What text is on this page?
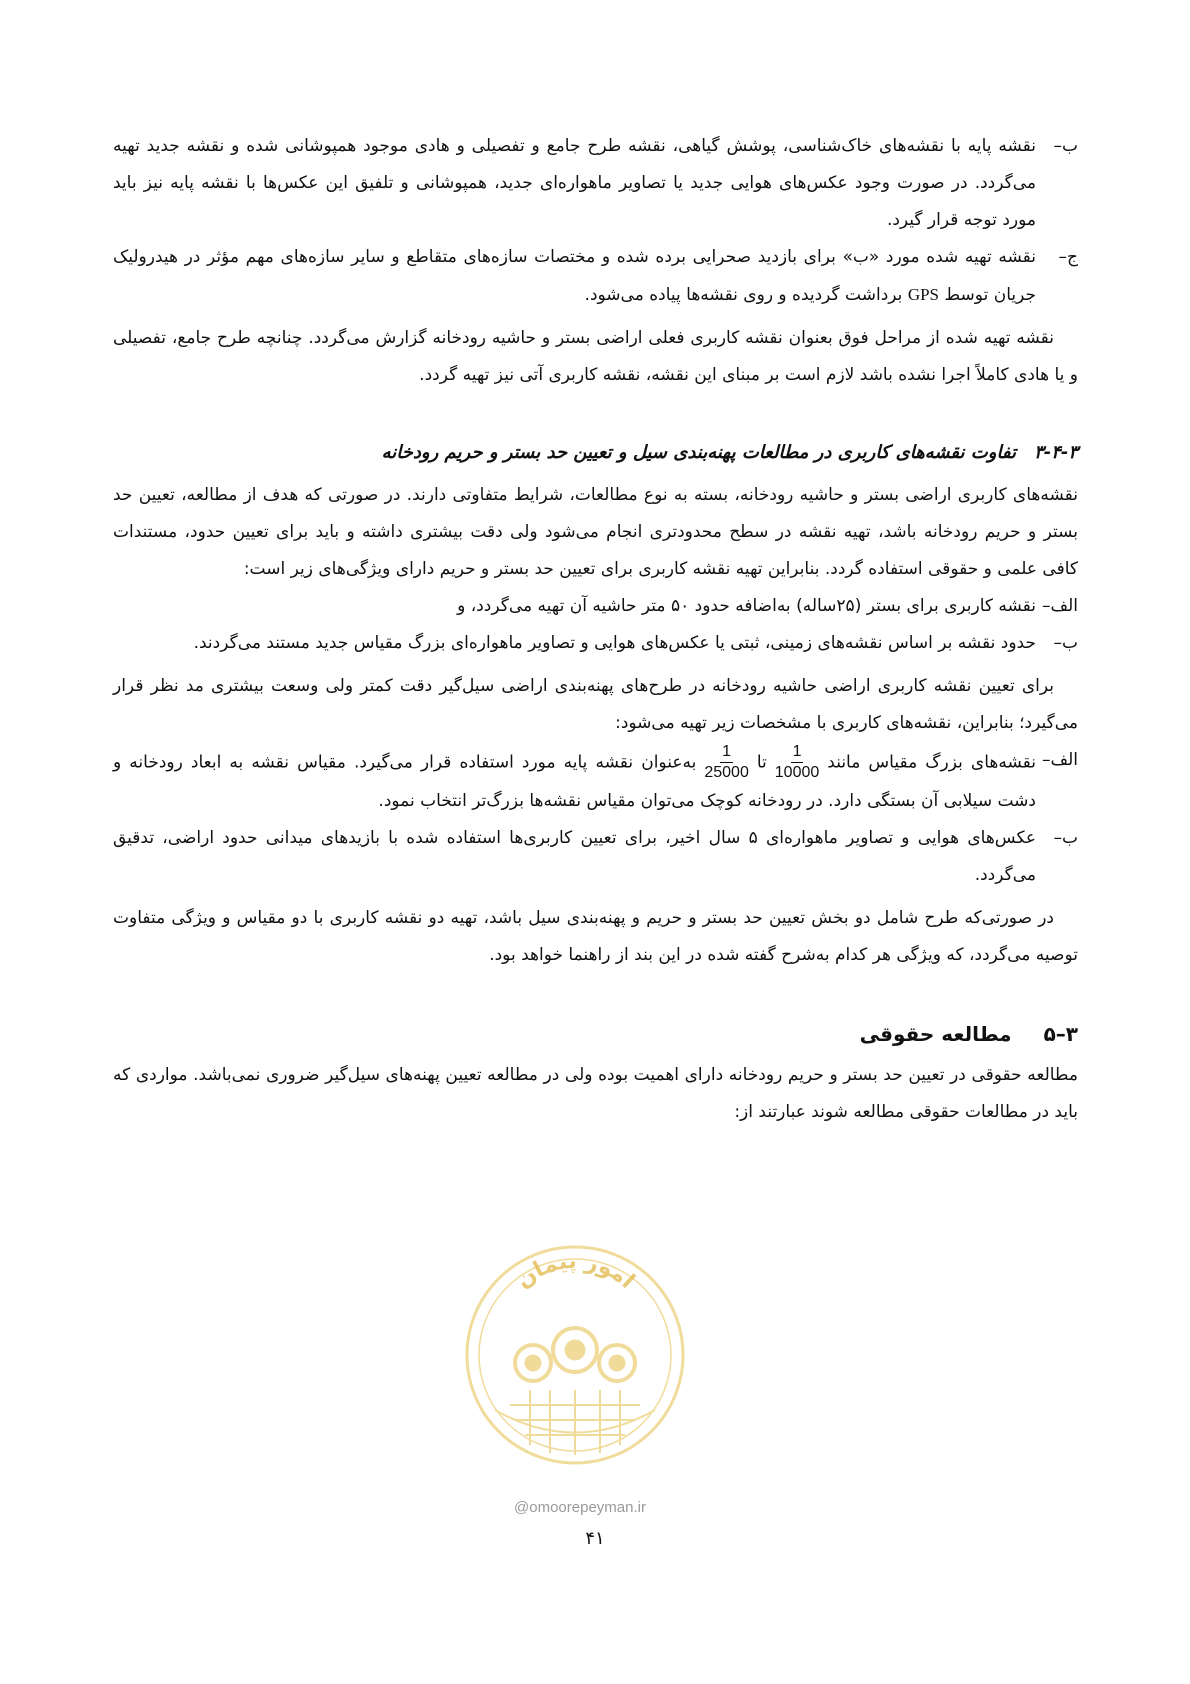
ب–
نقشه پایه با نقشه‌های خاک‌شناسی، پوشش گیاهی، نقشه طرح جامع و تفصیلی و هادی موجود همپوشانی شده و نقشه جدید تهیه می‌گردد. در صورت وجود عکس‌های هوایی جدید یا تصاویر ماهواره‌ای جدید، همپوشانی و تلفیق این عکس‌ها با نقشه پایه نیز باید مورد توجه قرار گیرد.
ج–
نقشه تهیه شده مورد «ب» برای بازدید صحرایی برده شده و مختصات سازه‌های متقاطع و سایر سازه‌های مهم مؤثر در هیدرولیک جریان توسط GPS برداشت گردیده و روی نقشه‌ها پیاده می‌شود.

نقشه تهیه شده از مراحل فوق بعنوان نقشه کاربری فعلی اراضی بستر و حاشیه رودخانه گزارش می‌گردد. چنانچه طرح جامع، تفصیلی و یا هادی کاملاً اجرا نشده باشد لازم است بر مبنای این نقشه، نقشه کاربری آتی نیز تهیه گردد.

۳-۴-۳تفاوت نقشه‌های کاربری در مطالعات پهنه‌بندی سیل و تعیین حد بستر و حریم رودخانه

نقشه‌های کاربری اراضی بستر و حاشیه رودخانه، بسته به نوع مطالعات، شرایط متفاوتی دارند. در صورتی که هدف از مطالعه، تعیین حد بستر و حریم رودخانه باشد، تهیه نقشه در سطح محدودتری انجام می‌شود ولی دقت بیشتری داشته و باید برای تعیین حدود، مستندات کافی علمی و حقوقی استفاده گردد. بنابراین تهیه نقشه کاربری برای تعیین حد بستر و حریم دارای ویژگی‌های زیر است:

الف–
نقشه کاربری برای بستر (۲۵ساله) به‌اضافه حدود ۵۰ متر حاشیه آن تهیه می‌گردد، و
ب–
حدود نقشه بر اساس نقشه‌های زمینی، ثبتی یا عکس‌های هوایی و تصاویر ماهواره‌ای بزرگ مقیاس جدید مستند می‌گردند.

برای تعیین نقشه کاربری اراضی حاشیه رودخانه در طرح‌های پهنه‌بندی اراضی سیل‌گیر دقت کمتر ولی وسعت بیشتری مد نظر قرار می‌گیرد؛ بنابراین، نقشه‌های کاربری با مشخصات زیر تهیه می‌شود:

الف–
نقشه‌های بزرگ مقیاس مانند
$\frac{1}{10000}$
تا
$\frac{1}{25000}$
به‌عنوان نقشه پایه مورد استفاده قرار می‌گیرد. مقیاس نقشه به ابعاد رودخانه و دشت سیلابی آن بستگی دارد. در رودخانه کوچک می‌توان مقیاس نقشه‌ها بزرگ‌تر انتخاب نمود.
ب–
عکس‌های هوایی و تصاویر ماهواره‌ای ۵ سال اخیر، برای تعیین کاربری‌ها استفاده شده با بازیدهای میدانی حدود اراضی، تدقیق می‌گردد.

در صورتی‌که طرح شامل دو بخش تعیین حد بستر و حریم و پهنه‌بندی سیل باشد، تهیه دو نقشه کاربری با دو مقیاس و ویژگی متفاوت توصیه می‌گردد، که ویژگی هر کدام به‌شرح گفته شده در این بند از راهنما خواهد بود.

۳–۵مطالعه حقوقی

مطالعه حقوقی در تعیین حد بستر و حریم رودخانه دارای اهمیت بوده ولی در مطالعه تعیین پهنه‌های سیل‌گیر ضروری نمی‌باشد. مواردی که باید در مطالعات حقوقی مطالعه شوند عبارتند از:

امور پیمان
@omoorepeyman.ir
۴۱
